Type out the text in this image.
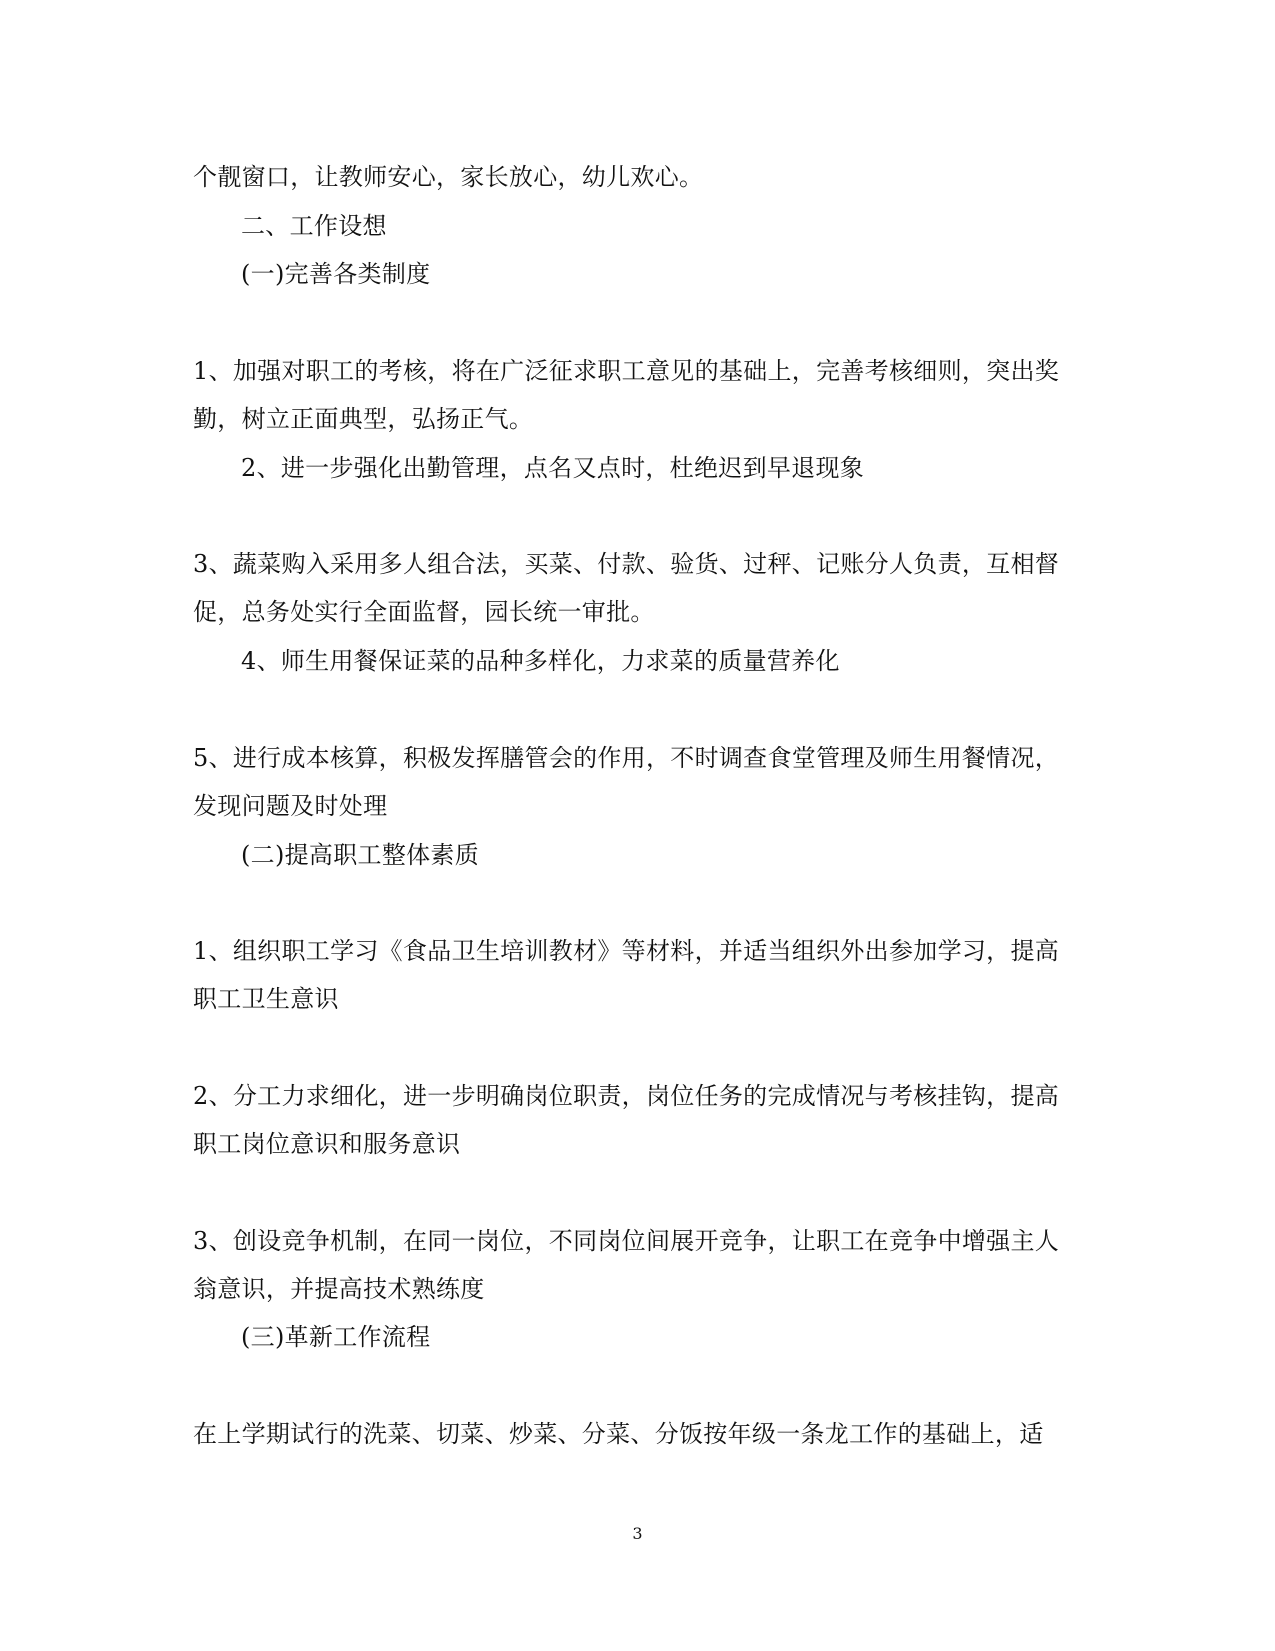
个靓窗口，让教师安心，家长放心，幼儿欢心。

二、工作设想

(一)完善各类制度

1、加强对职工的考核，将在广泛征求职工意见的基础上，完善考核细则，突出奖

勤，树立正面典型，弘扬正气。

2、进一步强化出勤管理，点名又点时，杜绝迟到早退现象

3、蔬菜购入采用多人组合法，买菜、付款、验货、过秤、记账分人负责，互相督

促，总务处实行全面监督，园长统一审批。

4、师生用餐保证菜的品种多样化，力求菜的质量营养化

5、进行成本核算，积极发挥膳管会的作用，不时调查食堂管理及师生用餐情况，

发现问题及时处理

(二)提高职工整体素质

1、组织职工学习《食品卫生培训教材》等材料，并适当组织外出参加学习，提高

职工卫生意识

2、分工力求细化，进一步明确岗位职责，岗位任务的完成情况与考核挂钩，提高

职工岗位意识和服务意识

3、创设竞争机制，在同一岗位，不同岗位间展开竞争，让职工在竞争中增强主人

翁意识，并提高技术熟练度

(三)革新工作流程

在上学期试行的洗菜、切菜、炒菜、分菜、分饭按年级一条龙工作的基础上，适

3
